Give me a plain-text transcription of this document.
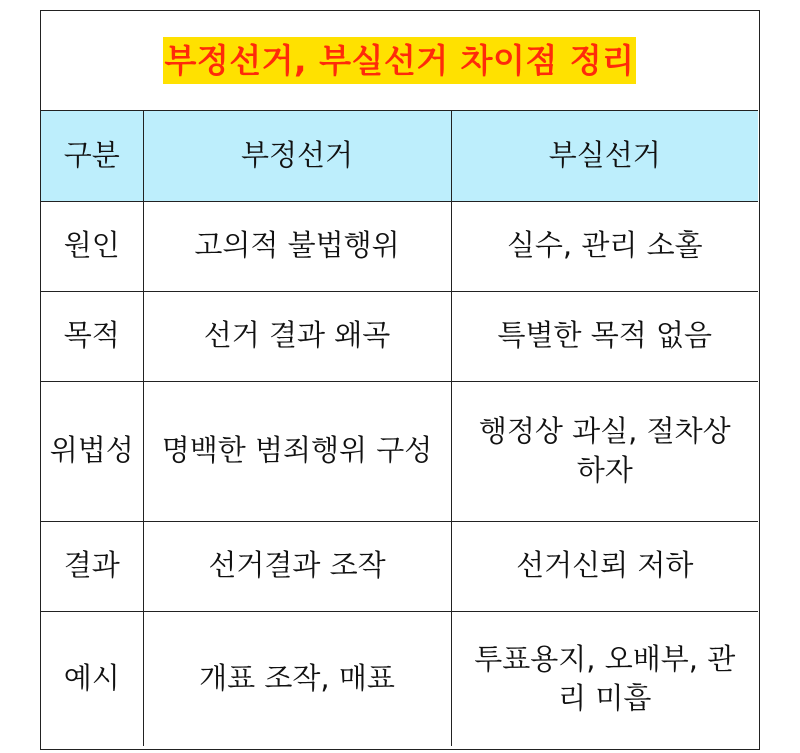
부정선거, 부실선거 차이점 정리
구분	부정선거	부실선거
원인	고의적 불법행위	실수, 관리 소홀
목적	선거 결과 왜곡	특별한 목적 없음
위법성	명백한 범죄행위 구성	행정상 과실, 절차상 하자
결과	선거결과 조작	선거신뢰 저하
예시	개표 조작, 매표	투표용지, 오배부, 관리 미흡
